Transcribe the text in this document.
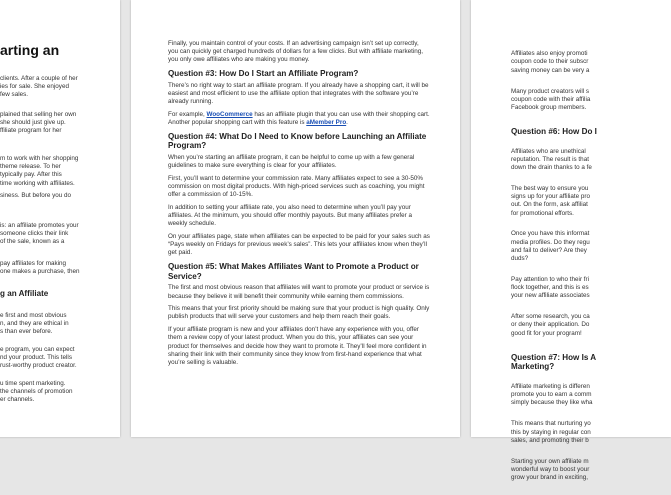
arting an
clients. After a couple of her
ies for sale. She enjoyed
few sales.
plained that selling her own
she should just give up.
ffiliate program for her
m to work with her shopping
theme release. To her
typically pay. After this
time working with affiliates.
siness. But before you do
is: an affiliate promotes your
someone clicks their link
of the sale, known as a
pay affiliates for making
one makes a purchase, then
g an Affiliate
e first and most obvious
n, and they are ethical in
s than ever before.
e program, you can expect
nd your product. This tells
rust-worthy product creator.
u time spent marketing.
the channels of promotion
er channels.

Finally, you maintain control of your costs. If an advertising campaign isn’t set up correctly, you can quickly get charged hundreds of dollars for a few clicks. But with affiliate marketing, you only owe affiliates who are making you money.

Question #3: How Do I Start an Affiliate Program?

There’s no right way to start an affiliate program. If you already have a shopping cart, it will be easiest and most efficient to use the affiliate option that integrates with the software you’re already running.

For example, WooCommerce has an affiliate plugin that you can use with their shopping cart. Another popular shopping cart with this feature is aMember Pro.

Question #4: What Do I Need to Know before Launching an Affiliate Program?

When you’re starting an affiliate program, it can be helpful to come up with a few general guidelines to make sure everything is clear for your affiliates.

First, you’ll want to determine your commission rate. Many affiliates expect to see a 30-50% commission on most digital products. With high-priced services such as coaching, you might offer a commission of 10-15%.

In addition to setting your affiliate rate, you also need to determine when you’ll pay your affiliates. At the minimum, you should offer monthly payouts. But many affiliates prefer a weekly schedule.

On your affiliates page, state when affiliates can be expected to be paid for your sales such as “Pays weekly on Fridays for previous week’s sales”. This lets your affiliates know when they’ll get paid.

Question #5: What Makes Affiliates Want to Promote a Product or Service?

The first and most obvious reason that affiliates will want to promote your product or service is because they believe it will benefit their community while earning them commissions.

This means that your first priority should be making sure that your product is high quality. Only publish products that will serve your customers and help them reach their goals.

If your affiliate program is new and your affiliates don’t have any experience with you, offer them a review copy of your latest product. When you do this, your affiliates can see your product for themselves and decide how they want to promote it. They’ll feel more confident in sharing their link with their community since they know from first-hand experience that what you’re selling is valuable.

Affiliates also enjoy promoti
coupon code to their subscr
saving money can be very a

Many product creators will s
coupon code with their affilia
Facebook group members.

Question #6: How Do I

Affiliates who are unethical
reputation. The result is that
down the drain thanks to a fe

The best way to ensure you
signs up for your affiliate pro
out. On the form, ask affiliat
for promotional efforts.

Once you have this informat
media profiles. Do they regu
and fail to deliver? Are they
duds?

Pay attention to who their fri
flock together, and this is es
your new affiliate associates

After some research, you ca
or deny their application. Do
good fit for your program!

Question #7: How Is A
Marketing?

Affiliate marketing is differen
promote you to earn a comm
simply because they like wha

This means that nurturing yo
this by staying in regular con
sales, and promoting their b

Starting your own affiliate m
wonderful way to boost your
grow your brand in exciting,
